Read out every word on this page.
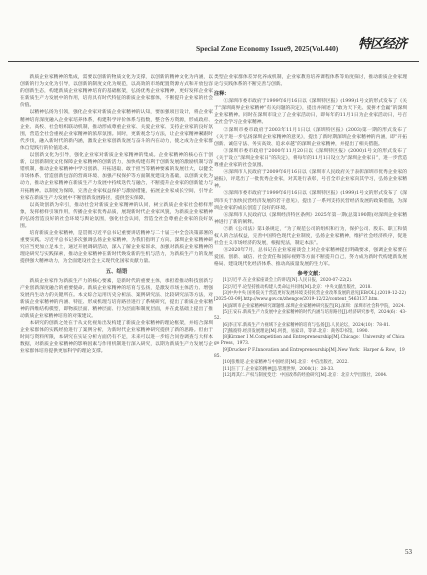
Special Zone Economy Issue9, 2025(Vol.440)	特区经济

新质企业家精神的集成，需要以创新的物质文化为支撑，以创新的精神文化为内涵，以创新的行为文化为引导，以创新的制度文化为规范，以高效的市场配置资源方式和开放包容的创新生态，构建新质企业家精神培育的基础框架，弘扬优秀企业家精神，更好发挥企业家在新质生产力发展中的作用，培育具有时代特征的新质企业家群体，不断提升企业家的社会价值。

以精神弘扬为引领，强化企业家对新质企业家精神的认知，要加强项目设计，将企业家精神培育深度融入企业家培养体系，构建科学评价体系与指数，整合各方资源，形成政府、企业、高校、社会组织联动机制，推动形成尊重企业家、关爱企业家、支持企业家的良好氛围，营造全社会重视企业家精神的浓厚氛围。同时，更新观念与方法，让企业家精神紧跟时代步伐，融入新时代的新内涵，激发企业家创新发展与奋斗的内在动力，使之成为企业家群体自觉践行的价值追求。

以创新文化为引导，强化企业家对新质企业家精神的集成。企业家精神的核心在于创新，以创新制度文化保障企业家精神的创新活力，加快构建有利于创新发展的激励机制与容错机制，推动企业家精神中学习创新、开拓进取、敢于担当等精神要素的发展壮大，以健全市场体系、营造创新包容的营商环境、加强产权保护等方面制度建设为基础，以创新文化为动力，推动企业家精神在新质生产力发展中持续迭代与融合，不断提升企业家的创新能力与开拓精神。以制度为保障，完善企业家权益保护与激励措施，拓展企业家成长空间，引导企业家在新质生产力发展中不断创新发展路径，提供坚实保障。

以高效创新为牵引，推动社会对新质企业家精神的认同，树立新质企业家社会榜样形象，发挥榜样引领作用，传播企业家优秀品质，展现新时代企业家风貌，为新质企业家精神的弘扬营造良好的社会环境与舆论氛围，强化社会认同，营造全社会尊重企业家的良好氛围。

培育新质企业家精神，是贯彻习近平总书记重要讲话精神与二十届三中全会决策部署的重要实践。习近平总书记多次强调弘扬企业家精神，为我们指明了方向。深圳企业家精神研究应当更加立足本土，通过开展调研活动，深入了解企业家诉求，加强对新质企业家精神的理论研究与实践探索，推动企业家精神在新时代焕发新的生机与活力，为新质生产力的发展提供强大精神动力，为全面建设社会主义现代化国家贡献力量。

五、结语

新质企业家作为新质生产力的核心要素，是新时代的重要主体，承担着推动科技创新与产业创新深度融合的重要使命。新质企业家精神的培育与弘扬，是激发市场主体活力、增强发展内生动力的关键所在。本文综合运用历史分析法、案例研究法、比较研究法等方法，对新质企业家精神的内涵、特征、形成机理与培育路径进行了系统研究，提出了新质企业家精神的四维结构模型，即物质层面、精神层面、行为层面和制度层面，并在此基础上提出了推动新质企业家精神培育的对策建议。

本研究的创新之处在于从文化视角出发构建了新质企业家精神的理论框架，并结合深圳企业家群体的实践经验进行了案例分析，为新时代企业家精神研究提供了新的思路。但由于时间与资料所限，本研究在实证分析方面仍有不足，未来可以进一步结合问卷调查与大样本数据，对新质企业家精神的影响因素与作用机制进行深入研究，以期为新质生产力发展与企业家群体培育提供更加科学的理论支撑。

类型企业家群体差异化养成机制，企业家教育培养课程体系等角度探讨，推动新质企业家理论与实践体系的不断完善与创新。

注释：

①深圳市委市政府于1999年6月16日以《深圳特区报》(1999)1号文的形式发布了《关于“深圳商界企业家精神”有关问题的决定》，提出并阐述了“敢为天下先、爱拼才会赢”的深圳企业家精神。同时在深圳市设立了企业家活动日，即每年的11月1日为企业家活动日，号召全社会学习企业家精神。

②深圳市委市政府于2003年11月1日以《深圳特区报》(2003)第一期的形式发布了《关于进一步弘扬深圳企业家精神的意见》，提出了新时期深圳企业家精神的内涵，即“开拓创新、诚信守法、务实高效、追求卓越”的深圳企业家精神，并提出了相关措施。

③深圳市委市政府于2000年11月20日以《深圳特区报》(2000)1号文的形式发布了《关于设立“深圳企业家日”的决定》，将每年的11月1日设立为“深圳企业家日”，进一步营造尊重企业家的社会氛围。

④深圳市人民政府于2009年6月16日以《深圳市人民政府关于表彰深圳市优秀企业家的通报》，评选出了一批优秀企业家，对其进行表彰，号召全市企业家向其学习，弘扬企业家精神。

⑤深圳市委市政府于1999年6月16日以《深圳特区报》(1999)1号文的形式发布了《深圳市关于加快民营经济发展的若干意见》，提出了一系列支持民营经济发展的政策措施，为深圳企业家的成长创造了良好的环境。

⑥深圳市人民政府以《深圳经济特区条例》2025年第一期(总第190期)对深圳企业家精神进行了新的阐释。

⑦新《公司法》第1条规定，“为了规范公司的组织和行为，保护公司、股东、职工和债权人的合法权益，完善中国特色现代企业制度，弘扬企业家精神，维护社会经济秩序，促进社会主义市场经济的发展，根据宪法，制定本法”。

⑧2020年7月，总书记在企业家座谈会上对企业家精神提出明确要求，强调企业家要在爱国、创新、诚信、社会责任和国际视野等方面不断提升自己，努力成为新时代构建新发展格局、建设现代化经济体系、推动高质量发展的生力军。

参考文献：

[1]习近平.在企业家座谈会上的讲话[N].人民日报，2020-07-22(2).

[2]习近平.论坚持推动构建人类命运共同体[M].北京：中央文献出版社，2018.

[3]中共中央 国务院关于营造更好发展环境支持民营企业改革发展的意见[EB/OL].(2019-12-22)[2025-03-09].http://www.gov.cn/zhengce/2019-12/22/content_5463137.htm.

[4]深圳市企业家精神研究课题组.深圳企业家精神研究报告[R].深圳：深圳市社会科学院，2024.

[5]王安石.新质生产力发展中企业家精神的时代内涵与培育路径[J].经济研究参考，2024(6)：43-52.

[6]李正军.新质生产力视域下企业家精神的培育与弘扬[J].人民论坛，2024(10)：78-81.

[7]熊彼特.经济发展理论[M].何畏，易家详，等译.北京：商务印书馆，1990.

[8]Kirzner I M.Competition and Entrepreneurship[M].Chicago：University of Chicago Press，1973.

[9]Drucker P F.Innovation and Entrepreneurship[M].New York：Harper & Row，1985.

[10]张维迎.企业家精神与中国经济[M].北京：中信出版社，2022.

[11]汪丁丁.企业家的精神[J].管理世界，2000(1)：28-33.

[12]周其仁.产权与制度变迁：中国改革的经验研究[M].北京：北京大学出版社，2004.

53
